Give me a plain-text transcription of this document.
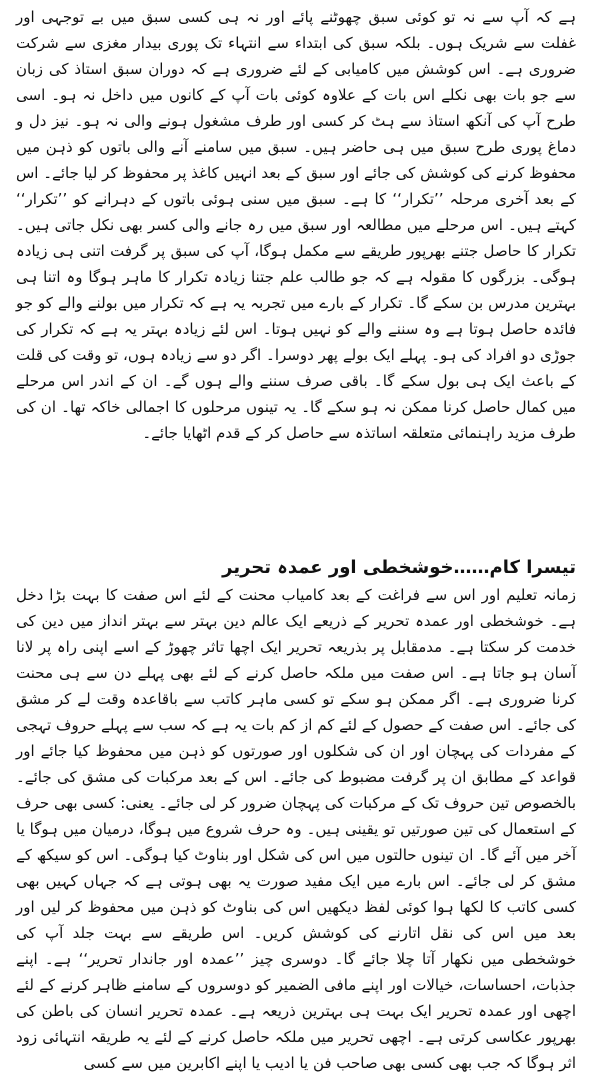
ہے کہ آپ سے نہ تو کوئی سبق چھوٹنے پائے اور نہ ہی کسی سبق میں بے توجہی اور غفلت سے شریک ہوں۔ بلکہ سبق کی ابتداء سے انتہاء تک پوری بیدار مغزی سے شرکت ضروری ہے۔ اس کوشش میں کامیابی کے لئے ضروری ہے کہ دوران سبق استاذ کی زبان سے جو بات بھی نکلے اس بات کے علاوہ کوئی بات آپ کے کانوں میں داخل نہ ہو۔ اسی طرح آپ کی آنکھ استاذ سے ہٹ کر کسی اور طرف مشغول ہونے والی نہ ہو۔ نیز دل و دماغ پوری طرح سبق میں ہی حاضر ہیں۔ سبق میں سامنے آنے والی باتوں کو ذہن میں محفوظ کرنے کی کوشش کی جائے اور سبق کے بعد انہیں کاغذ پر محفوظ کر لیا جائے۔ اس کے بعد آخری مرحلہ ’’تکرار‘‘ کا ہے۔ سبق میں سنی ہوئی باتوں کے دہرانے کو ’’تکرار‘‘ کہتے ہیں۔ اس مرحلے میں مطالعہ اور سبق میں رہ جانے والی کسر بھی نکل جاتی ہیں۔ تکرار کا حاصل جتنے بھرپور طریقے سے مکمل ہوگا، آپ کی سبق پر گرفت اتنی ہی زیادہ ہوگی۔ بزرگوں کا مقولہ ہے کہ جو طالب علم جتنا زیادہ تکرار کا ماہر ہوگا وہ اتنا ہی بہترین مدرس بن سکے گا۔ تکرار کے بارے میں تجربہ یہ ہے کہ تکرار میں بولنے والے کو جو فائدہ حاصل ہوتا ہے وہ سننے والے کو نہیں ہوتا۔ اس لئے زیادہ بہتر یہ ہے کہ تکرار کی جوڑی دو افراد کی ہو۔ پہلے ایک بولے پھر دوسرا۔ اگر دو سے زیادہ ہوں، تو وقت کی قلت کے باعث ایک ہی بول سکے گا۔ باقی صرف سننے والے ہوں گے۔ ان کے اندر اس مرحلے میں کمال حاصل کرنا ممکن نہ ہو سکے گا۔ یہ تینوں مرحلوں کا اجمالی خاکہ تھا۔ ان کی طرف مزید راہنمائی متعلقہ اساتذہ سے حاصل کر کے قدم اٹھایا جائے۔

تیسرا کام……خوشخطی اور عمدہ تحریر

زمانہ تعلیم اور اس سے فراغت کے بعد کامیاب محنت کے لئے اس صفت کا بہت بڑا دخل ہے۔ خوشخطی اور عمدہ تحریر کے ذریعے ایک عالم دین بہتر سے بہتر انداز میں دین کی خدمت کر سکتا ہے۔ مدمقابل پر بذریعہ تحریر ایک اچھا تاثر چھوڑ کے اسے اپنی راہ پر لانا آسان ہو جاتا ہے۔ اس صفت میں ملکہ حاصل کرنے کے لئے بھی پہلے دن سے ہی محنت کرنا ضروری ہے۔ اگر ممکن ہو سکے تو کسی ماہر کاتب سے باقاعدہ وقت لے کر مشق کی جائے۔ اس صفت کے حصول کے لئے کم از کم بات یہ ہے کہ سب سے پہلے حروف تہجی کے مفردات کی پہچان اور ان کی شکلوں اور صورتوں کو ذہن میں محفوظ کیا جائے اور قواعد کے مطابق ان پر گرفت مضبوط کی جائے۔ اس کے بعد مرکبات کی مشق کی جائے۔ بالخصوص تین حروف تک کے مرکبات کی پہچان ضرور کر لی جائے۔ یعنی: کسی بھی حرف کے استعمال کی تین صورتیں تو یقینی ہیں۔ وہ حرف شروع میں ہوگا، درمیان میں ہوگا یا آخر میں آئے گا۔ ان تینوں حالتوں میں اس کی شکل اور بناوٹ کیا ہوگی۔ اس کو سیکھ کے مشق کر لی جائے۔ اس بارے میں ایک مفید صورت یہ بھی ہوتی ہے کہ جہاں کہیں بھی کسی کاتب کا لکھا ہوا کوئی لفظ دیکھیں اس کی بناوٹ کو ذہن میں محفوظ کر لیں اور بعد میں اس کی نقل اتارنے کی کوشش کریں۔ اس طریقے سے بہت جلد آپ کی خوشخطی میں نکھار آتا چلا جائے گا۔ دوسری چیز ’’عمدہ اور جاندار تحریر‘‘ ہے۔ اپنے جذبات، احساسات، خیالات اور اپنے مافی الضمیر کو دوسروں کے سامنے ظاہر کرنے کے لئے اچھی اور عمدہ تحریر ایک بہت ہی بہترین ذریعہ ہے۔ عمدہ تحریر انسان کی باطن کی بھرپور عکاسی کرتی ہے۔ اچھی تحریر میں ملکہ حاصل کرنے کے لئے یہ طریقہ انتہائی زود اثر ہوگا کہ جب بھی کسی بھی صاحب فن یا ادیب یا اپنے اکابرین میں سے کسی
